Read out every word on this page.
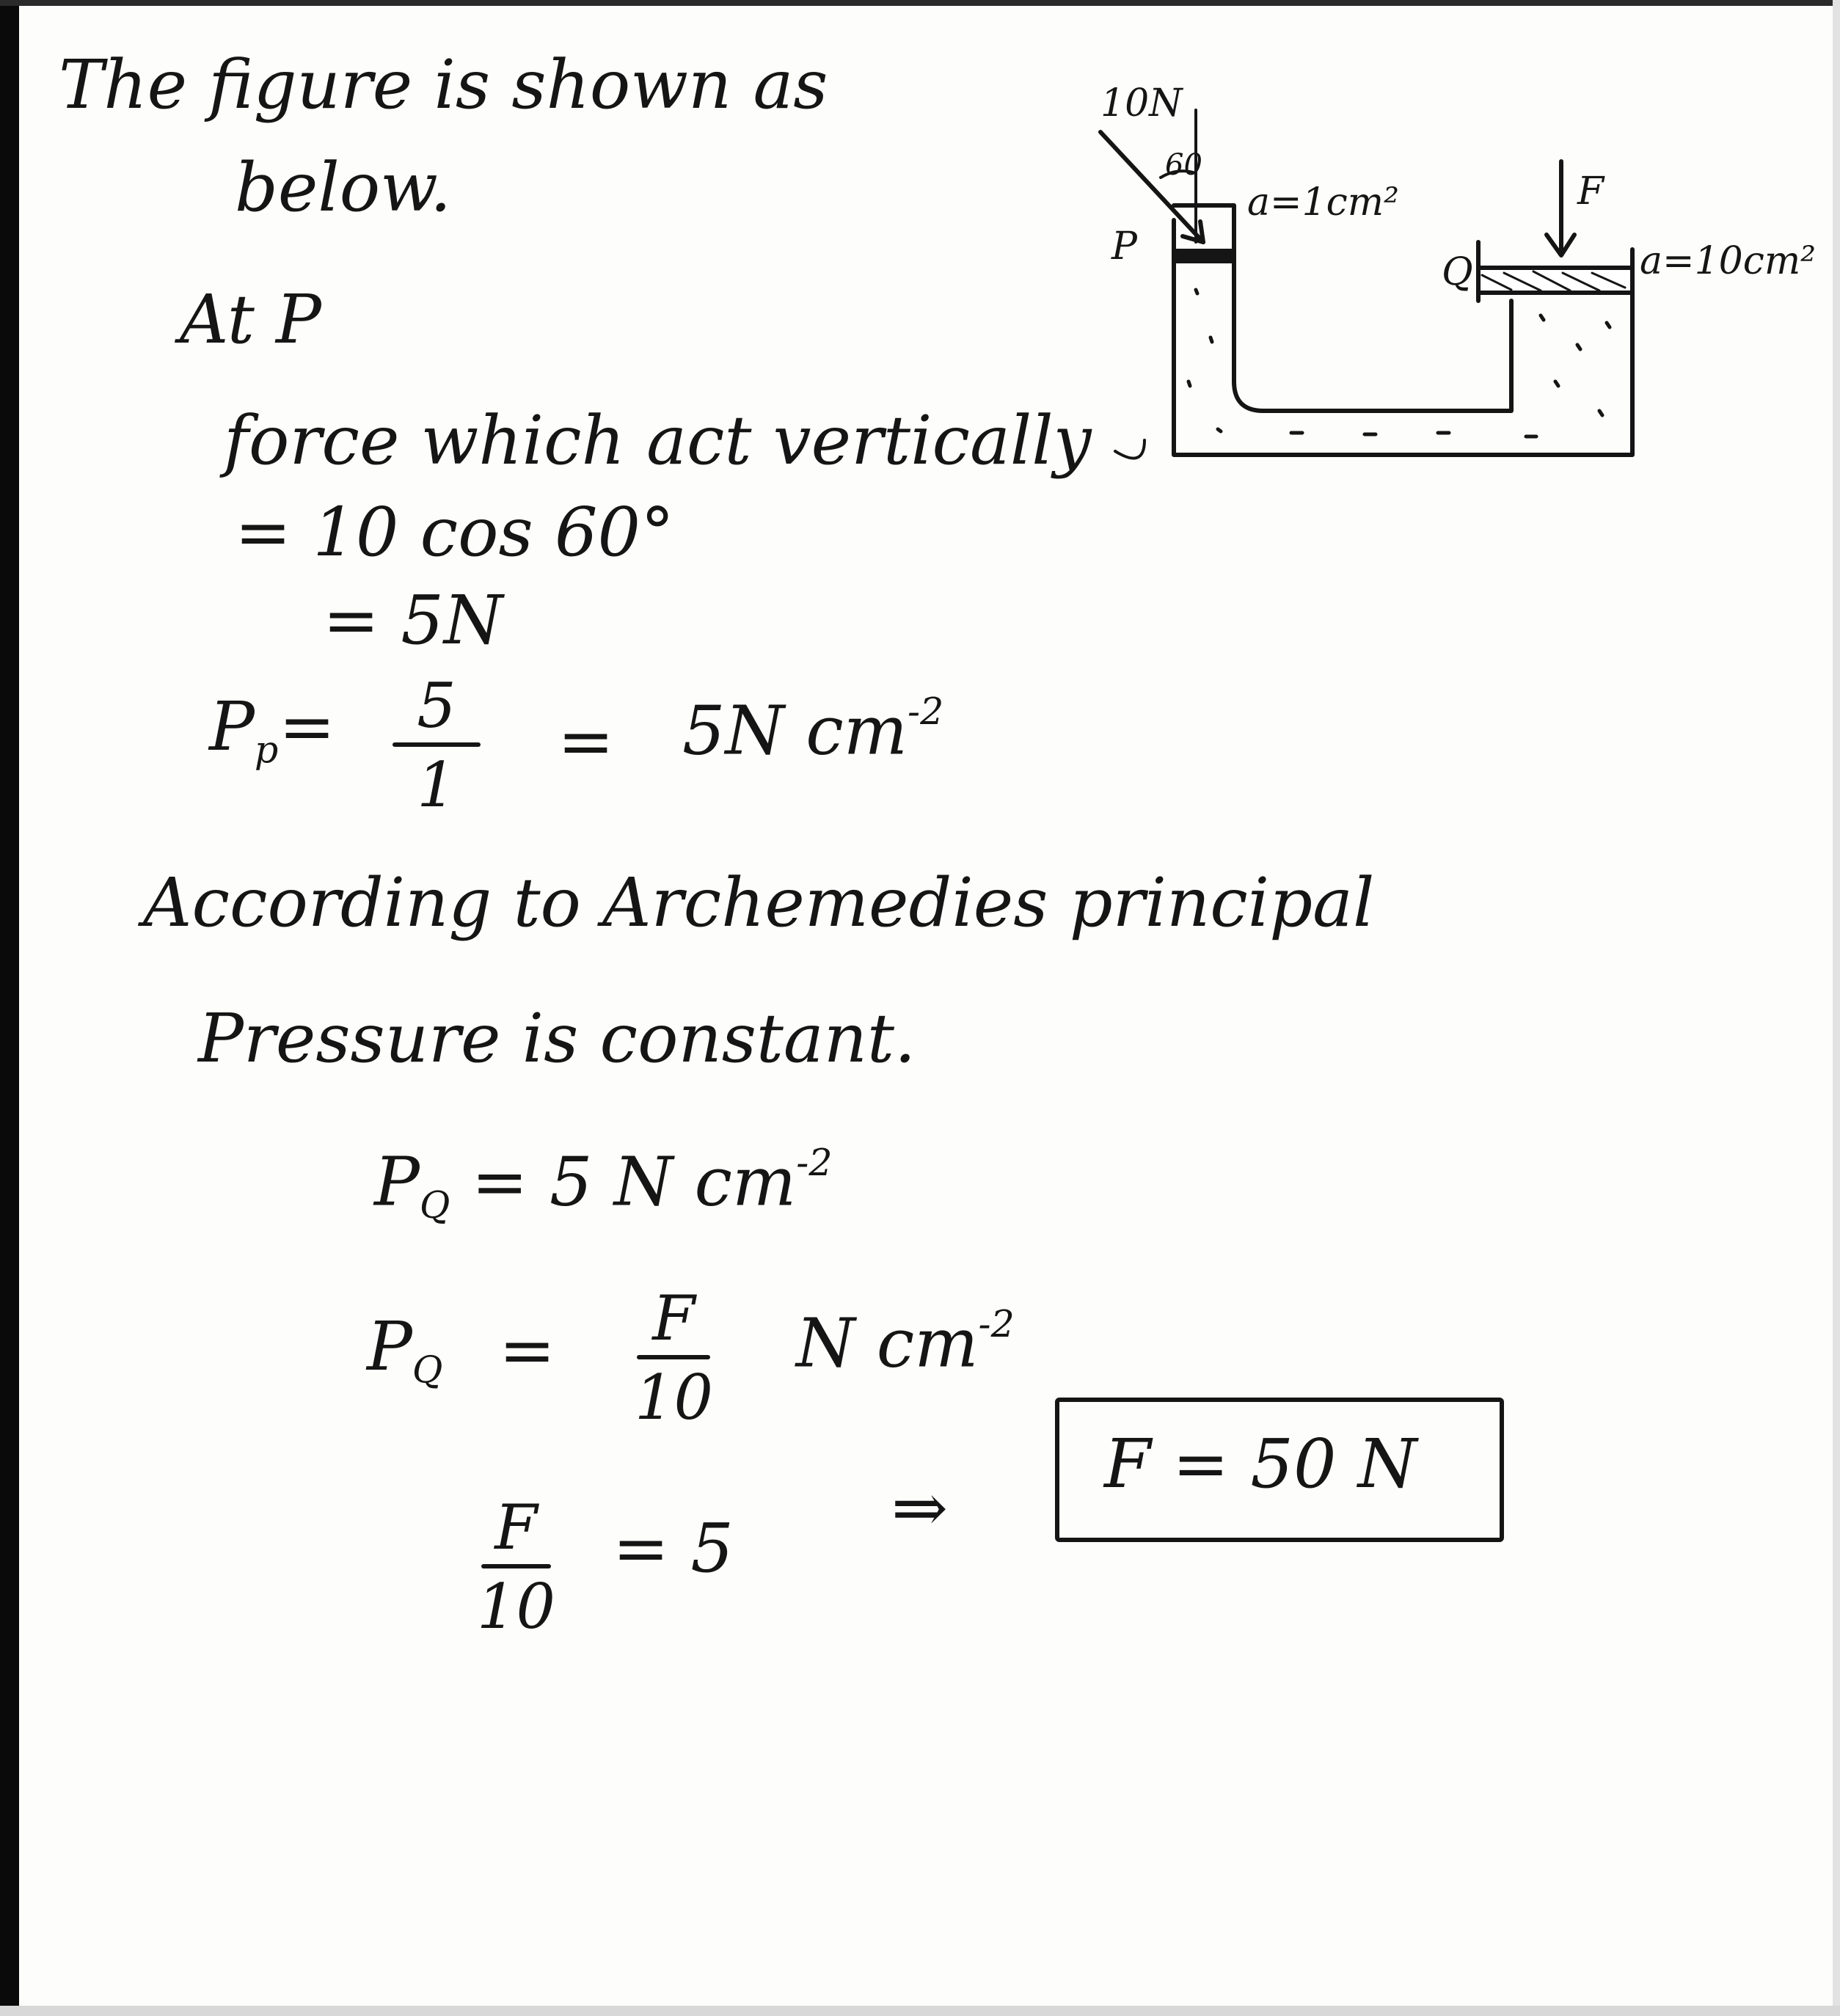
The figure is shown as
below.
10N
60
a=1cm²
P
Q
F
a=10cm²
At P
force which act vertically
= 10 cos 60°
= 5N
$P_p = 5$
1
= 5N $cm^{-2}$
According to Archemedies principal
Pressure is constant.
$P_Q = 5$ N $cm^{-2}$
$P_Q = F$
10
N $cm^{-2}$
F
10
= 5
⇒
F = 50 N
